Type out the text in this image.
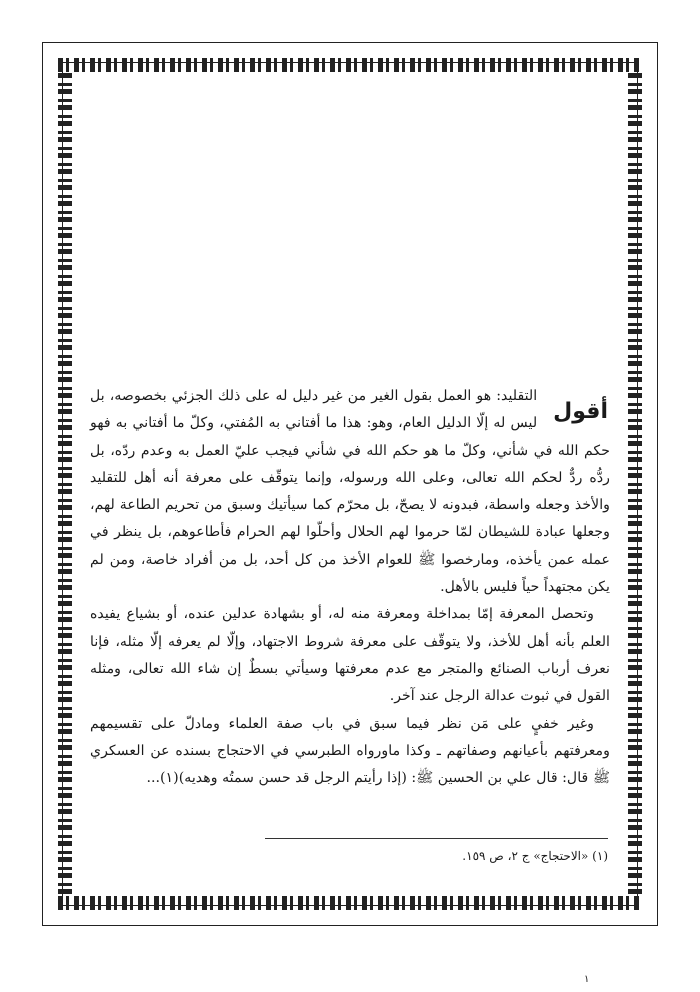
أقول

التقليد: هو العمل بقول الغير من غير دليل له على ذلك الجزئي بخصوصه، بل ليس له إلّا الدليل العام، وهو: هذا ما أفتاني به المُفتي، وكلّ ما أفتاني به فهو حكم الله في شأني، وكلّ ما هو حكم الله في شأني فيجب عليّ العمل به وعدم ردّه، بل ردُّه ردٌّ لحكم الله تعالى، وعلى الله ورسوله، وإنما يتوقّف على معرفة أنه أهل للتقليد والأخذ وجعله واسطة، فبدونه لا يصحّ، بل محرّم كما سيأتيك وسبق من تحريم الطاعة لهم، وجعلها عبادة للشيطان لمّا حرموا لهم الحلال وأحلّوا لهم الحرام فأطاعوهم، بل ينظر في عمله عمن يأخذه، ومارخصوا ﷺ للعوام الأخذ من كل أحد، بل من أفراد خاصة، ومن لم يكن مجتهداً حياً فليس بالأهل.

وتحصل المعرفة إمّا بمداخلة ومعرفة منه له، أو بشهادة عدلين عنده، أو بشياع يفيده العلم بأنه أهل للأخذ، ولا يتوقّف على معرفة شروط الاجتهاد، وإلّا لم يعرفه إلّا مثله، فإنا نعرف أرباب الصنائع والمتجر مع عدم معرفتها وسيأتي بسطٌ إن شاء الله تعالى، ومثله القول في ثبوت عدالة الرجل عند آخر.

وغير خفيٍ على مَن نظر فيما سبق في باب صفة العلماء ومادلّ على تقسيمهم ومعرفتهم بأعيانهم وصفاتهم ـ وكذا ماورواه الطبرسي في الاحتجاج بسنده عن العسكري ﷺ قال: قال علي بن الحسين ﷺ: (إذا رأيتم الرجل قد حسن سمتُه وهديه)(١)...

(١) «الاحتجاج» ج ٢، ص ١٥٩.
١
